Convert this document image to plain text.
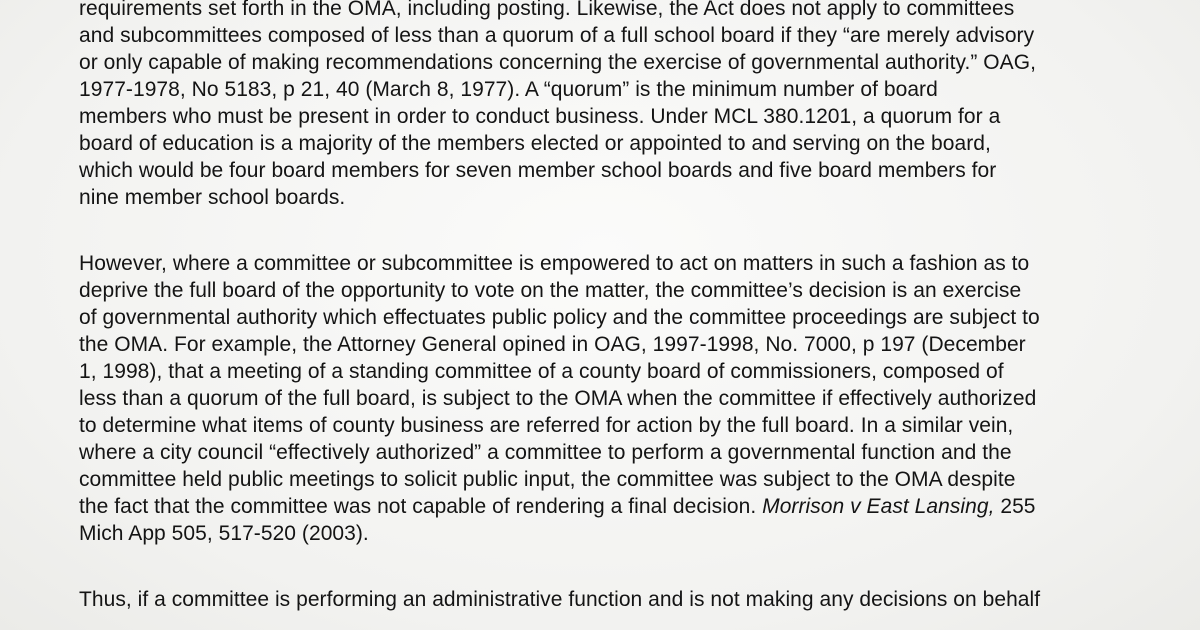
requirements set forth in the OMA, including posting. Likewise, the Act does not apply to committees

and subcommittees composed of less than a quorum of a full school board if they “are merely advisory

or only capable of making recommendations concerning the exercise of governmental authority.” OAG,

1977-1978, No 5183, p 21, 40 (March 8, 1977). A “quorum” is the minimum number of board

members who must be present in order to conduct business. Under MCL 380.1201, a quorum for a

board of education is a majority of the members elected or appointed to and serving on the board,

which would be four board members for seven member school boards and five board members for

nine member school boards.

However, where a committee or subcommittee is empowered to act on matters in such a fashion as to

deprive the full board of the opportunity to vote on the matter, the committee’s decision is an exercise

of governmental authority which effectuates public policy and the committee proceedings are subject to

the OMA. For example, the Attorney General opined in OAG, 1997-1998, No. 7000, p 197 (December

1, 1998), that a meeting of a standing committee of a county board of commissioners, composed of

less than a quorum of the full board, is subject to the OMA when the committee if effectively authorized

to determine what items of county business are referred for action by the full board. In a similar vein,

where a city council “effectively authorized” a committee to perform a governmental function and the

committee held public meetings to solicit public input, the committee was subject to the OMA despite

the fact that the committee was not capable of rendering a final decision. Morrison v East Lansing, 255

Mich App 505, 517-520 (2003).

Thus, if a committee is performing an administrative function and is not making any decisions on behalf
